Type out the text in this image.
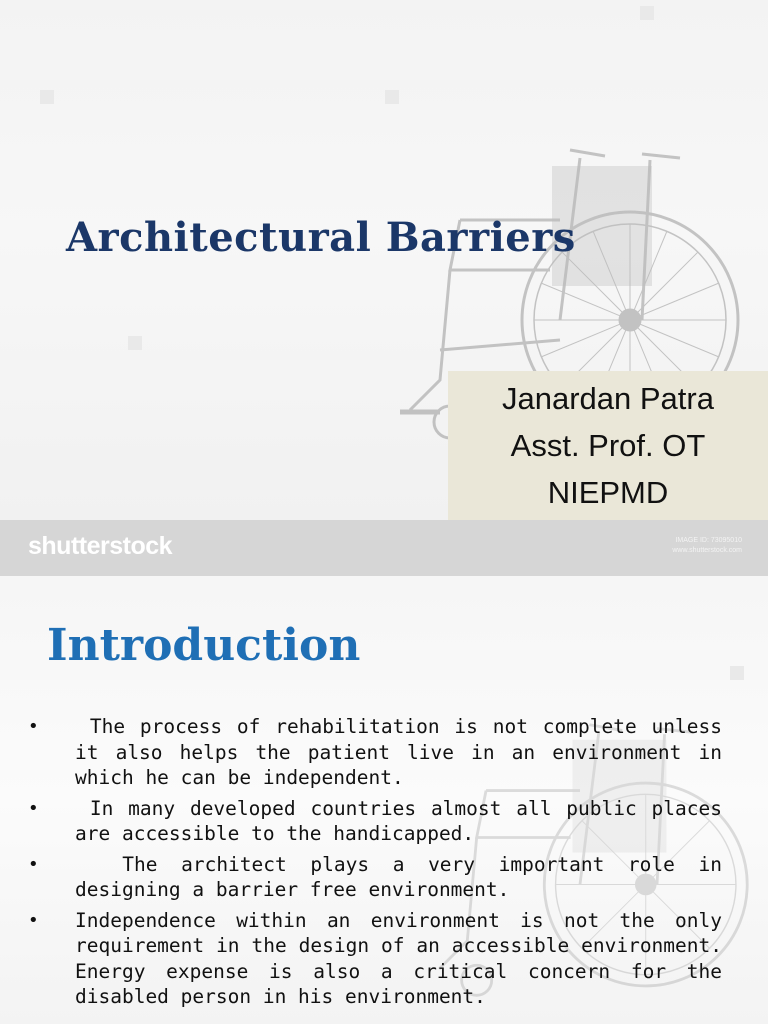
Architectural Barriers
Janardan Patra
Asst. Prof. OT
NIEPMD
shutterstock	IMAGE ID: 73095010
www.shutterstock.com
Introduction
• The process of rehabilitation is not complete unless it also helps the patient live in an environment in which he can be independent.
• In many developed countries almost all public places are accessible to the handicapped.
• The architect plays a very important role in designing a barrier free environment.
• Independence within an environment is not the only requirement in the design of an accessible environment. Energy expense is also a critical concern for the disabled person in his environment.
